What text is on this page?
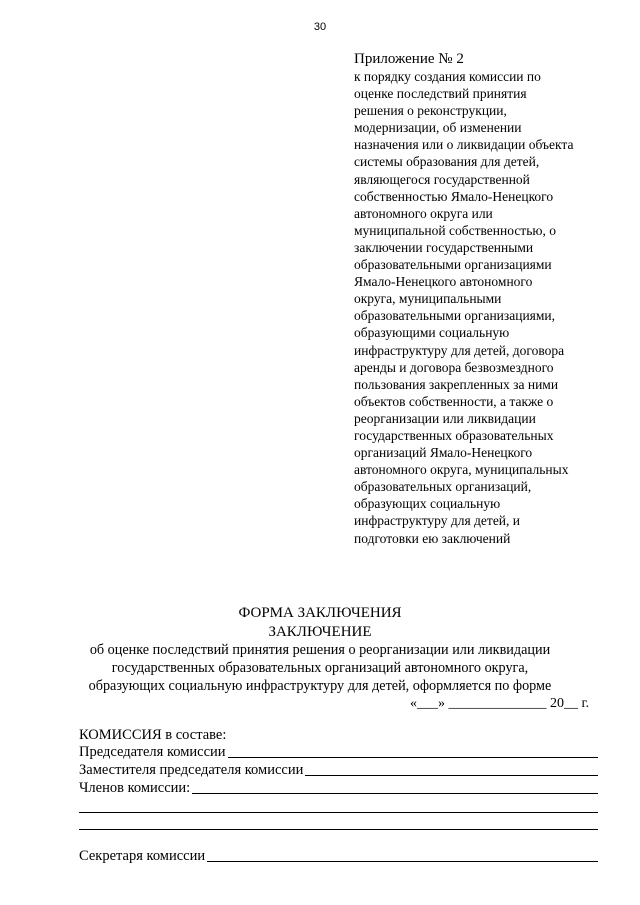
30
Приложение № 2
к порядку создания комиссии по
оценке последствий принятия
решения о реконструкции,
модернизации, об изменении
назначения или о ликвидации объекта
системы образования для детей,
являющегося государственной
собственностью Ямало-Ненецкого
автономного округа или
муниципальной собственностью, о
заключении государственными
образовательными организациями
Ямало-Ненецкого автономного
округа, муниципальными
образовательными организациями,
образующими социальную
инфраструктуру для детей, договора
аренды и договора безвозмездного
пользования закрепленных за ними
объектов собственности, а также о
реорганизации или ликвидации
государственных образовательных
организаций Ямало-Ненецкого
автономного округа, муниципальных
образовательных организаций,
образующих социальную
инфраструктуру для детей, и
подготовки ею заключений
ФОРМА ЗАКЛЮЧЕНИЯ
ЗАКЛЮЧЕНИЕ
об оценке последствий принятия решения о реорганизации или ликвидации
государственных образовательных организаций автономного округа,
образующих социальную инфраструктуру для детей, оформляется по форме
«___» ______________ 20__ г.
КОМИССИЯ в составе:
Председателя комиссии
Заместителя председателя комиссии
Членов комиссии:
Секретаря комиссии
